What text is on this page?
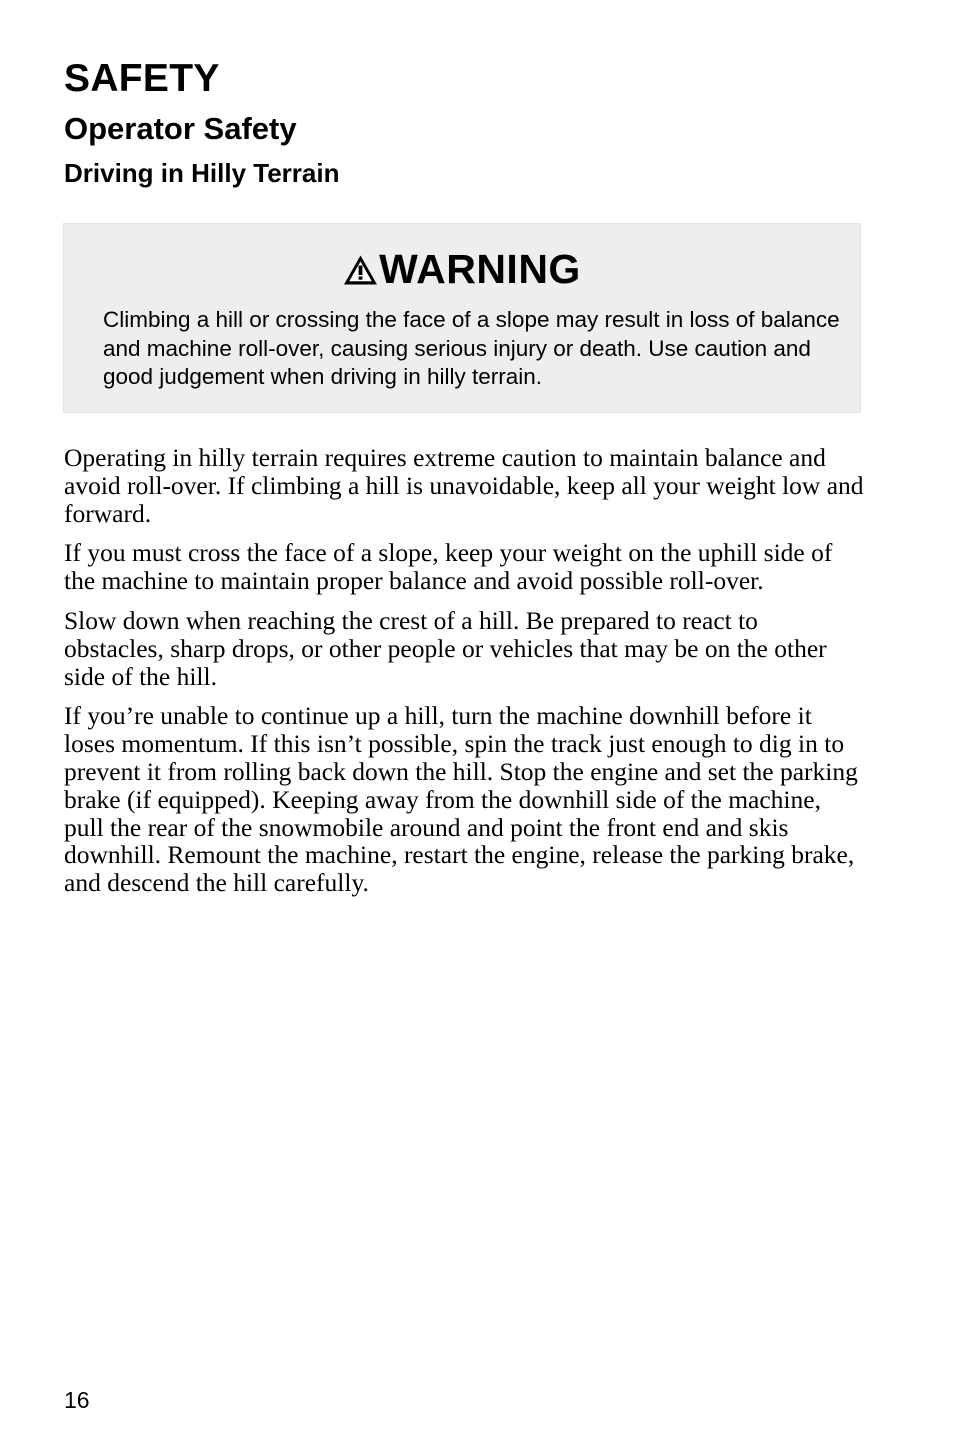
SAFETY
Operator Safety
Driving in Hilly Terrain
WARNING

Climbing a hill or crossing the face of a slope may result in loss of balance and machine roll-over, causing serious injury or death. Use caution and good judgement when driving in hilly terrain.

Operating in hilly terrain requires extreme caution to maintain balance and avoid roll-over. If climbing a hill is unavoidable, keep all your weight low and forward.

If you must cross the face of a slope, keep your weight on the uphill side of the machine to maintain proper balance and avoid possible roll-over.

Slow down when reaching the crest of a hill. Be prepared to react to obstacles, sharp drops, or other people or vehicles that may be on the other side of the hill.

If you’re unable to continue up a hill, turn the machine downhill before it loses momentum. If this isn’t possible, spin the track just enough to dig in to prevent it from rolling back down the hill. Stop the engine and set the parking brake (if equipped). Keeping away from the downhill side of the machine, pull the rear of the snowmobile around and point the front end and skis downhill. Remount the machine, restart the engine, release the parking brake, and descend the hill carefully.

16
